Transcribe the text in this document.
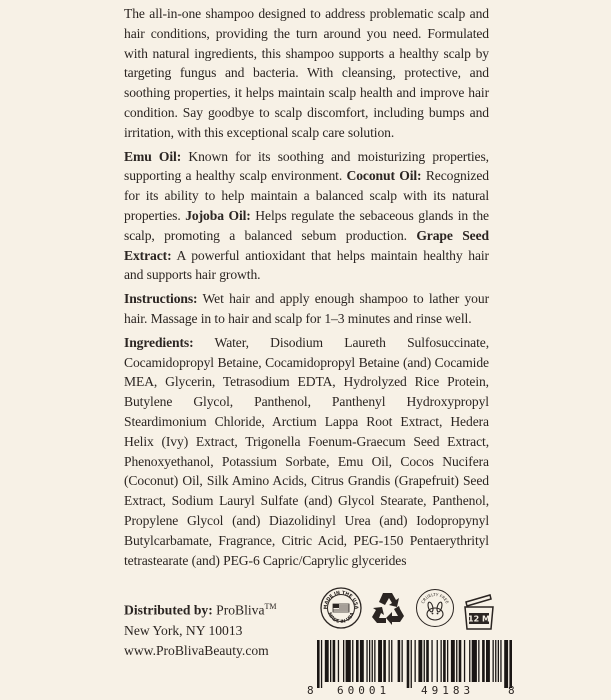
The all-in-one shampoo designed to address problematic scalp and hair conditions, providing the turn around you need. Formulated with natural ingredients, this shampoo supports a healthy scalp by targeting fungus and bacteria. With cleansing, protective, and soothing properties, it helps maintain scalp health and improve hair condition. Say goodbye to scalp discomfort, including bumps and irritation, with this exceptional scalp care solution.

Emu Oil: Known for its soothing and moisturizing properties, supporting a healthy scalp environment. Coconut Oil: Recognized for its ability to help maintain a balanced scalp with its natural properties. Jojoba Oil: Helps regulate the sebaceous glands in the scalp, promoting a balanced sebum production. Grape Seed Extract: A powerful antioxidant that helps maintain healthy hair and supports hair growth.

Instructions: Wet hair and apply enough shampoo to lather your hair. Massage in to hair and scalp for 1–3 minutes and rinse well.

Ingredients: Water, Disodium Laureth Sulfosuccinate, Cocamidopropyl Betaine, Cocamidopropyl Betaine (and) Cocamide MEA, Glycerin, Tetrasodium EDTA, Hydrolyzed Rice Protein, Butylene Glycol, Panthenol, Panthenyl Hydroxypropyl Steardimonium Chloride, Arctium Lappa Root Extract, Hedera Helix (Ivy) Extract, Trigonella Foenum-Graecum Seed Extract, Phenoxyethanol, Potassium Sorbate, Emu Oil, Cocos Nucifera (Coconut) Oil, Silk Amino Acids, Citrus Grandis (Grapefruit) Seed Extract, Sodium Lauryl Sulfate (and) Glycol Stearate, Panthenol, Propylene Glycol (and) Diazolidinyl Urea (and) Iodopropynyl Butylcarbamate, Fragrance, Citric Acid, PEG-150 Pentaerythrityl tetrastearate (and) PEG-6 Capric/Caprylic glycerides

Distributed by: ProBliva™
New York, NY 10013
www.ProBlivaBeauty.com
MADE IN THE USA
MADE IN USA
CRUELTY FREE
12 M
8 60001	49183	8
